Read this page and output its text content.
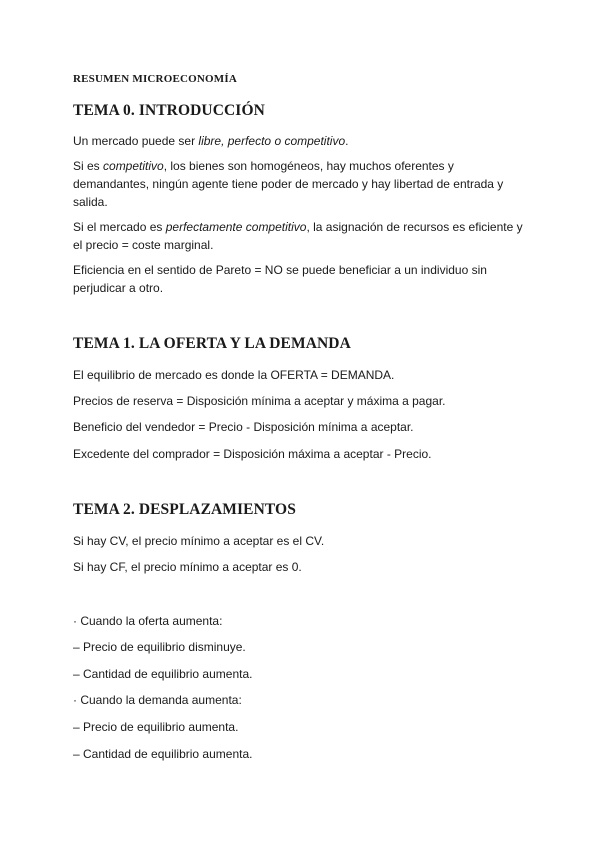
RESUMEN MICROECONOMÍA
TEMA 0. INTRODUCCIÓN

Un mercado puede ser libre, perfecto o competitivo.

Si es competitivo, los bienes son homogéneos, hay muchos oferentes y demandantes, ningún agente tiene poder de mercado y hay libertad de entrada y salida.

Si el mercado es perfectamente competitivo, la asignación de recursos es eficiente y el precio = coste marginal.

Eficiencia en el sentido de Pareto = NO se puede beneficiar a un individuo sin perjudicar a otro.

TEMA 1. LA OFERTA Y LA DEMANDA

El equilibrio de mercado es donde la OFERTA = DEMANDA.

Precios de reserva = Disposición mínima a aceptar y máxima a pagar.

Beneficio del vendedor = Precio - Disposición mínima a aceptar.

Excedente del comprador = Disposición máxima a aceptar - Precio.

TEMA 2. DESPLAZAMIENTOS

Si hay CV, el precio mínimo a aceptar es el CV.

Si hay CF, el precio mínimo a aceptar es 0.

· Cuando la oferta aumenta:

– Precio de equilibrio disminuye.

– Cantidad de equilibrio aumenta.

· Cuando la demanda aumenta:

– Precio de equilibrio aumenta.

– Cantidad de equilibrio aumenta.
